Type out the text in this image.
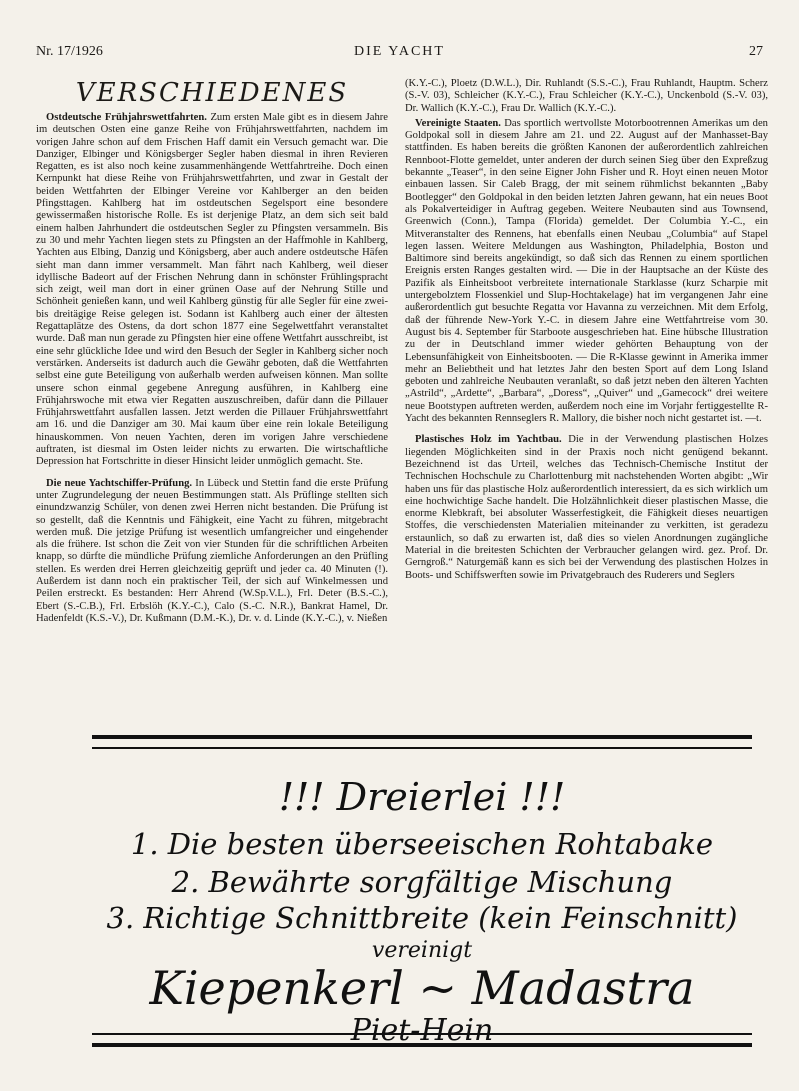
Nr. 17/1926	DIE YACHT	27
VERSCHIEDENES

Ostdeutsche Frühjahrswettfahrten. Zum ersten Male gibt es in diesem Jahre im deutschen Osten eine ganze Reihe von Frühjahrswettfahrten, nachdem im vorigen Jahre schon auf dem Frischen Haff damit ein Versuch gemacht war. Die Danziger, Elbinger und Königsberger Segler haben diesmal in ihren Revieren Regatten, es ist also noch keine zusammenhängende Wettfahrtreihe. Doch einen Kernpunkt hat diese Reihe von Frühjahrswettfahrten, und zwar in Gestalt der beiden Wettfahrten der Elbinger Vereine vor Kahlberger an den beiden Pfingsttagen. Kahlberg hat im ostdeutschen Segelsport eine besondere gewissermaßen historische Rolle. Es ist derjenige Platz, an dem sich seit bald einem halben Jahrhundert die ostdeutschen Segler zu Pfingsten versammeln. Bis zu 30 und mehr Yachten liegen stets zu Pfingsten an der Haffmohle in Kahlberg, Yachten aus Elbing, Danzig und Königsberg, aber auch andere ostdeutsche Häfen sieht man dann immer versammelt. Man fährt nach Kahlberg, weil dieser idyllische Badeort auf der Frischen Nehrung dann in schönster Frühlingspracht sich zeigt, weil man dort in einer grünen Oase auf der Nehrung Stille und Schönheit genießen kann, und weil Kahlberg günstig für alle Segler für eine zwei- bis dreitägige Reise gelegen ist. Sodann ist Kahlberg auch einer der ältesten Regattaplätze des Ostens, da dort schon 1877 eine Segelwettfahrt veranstaltet wurde. Daß man nun gerade zu Pfingsten hier eine offene Wettfahrt ausschreibt, ist eine sehr glückliche Idee und wird den Besuch der Segler in Kahlberg sicher noch verstärken. Anderseits ist dadurch auch die Gewähr geboten, daß die Wettfahrten selbst eine gute Beteiligung von außerhalb werden aufweisen können. Man sollte unsere schon einmal gegebene Anregung ausführen, in Kahlberg eine Frühjahrswoche mit etwa vier Regatten auszuschreiben, dafür dann die Pillauer Frühjahrswettfahrt ausfallen lassen. Jetzt werden die Pillauer Frühjahrswettfahrt am 16. und die Danziger am 30. Mai kaum über eine rein lokale Beteiligung hinauskommen. Von neuen Yachten, deren im vorigen Jahre verschiedene auftraten, ist diesmal im Osten leider nichts zu erwarten. Die wirtschaftliche Depression hat Fortschritte in dieser Hinsicht leider unmöglich gemacht. Ste.

Die neue Yachtschiffer-Prüfung. In Lübeck und Stettin fand die erste Prüfung unter Zugrundelegung der neuen Bestimmungen statt. Als Prüflinge stellten sich einundzwanzig Schüler, von denen zwei Herren nicht bestanden. Die Prüfung ist so gestellt, daß die Kenntnis und Fähigkeit, eine Yacht zu führen, mitgebracht werden muß. Die jetzige Prüfung ist wesentlich umfangreicher und eingehender als die frühere. Ist schon die Zeit von vier Stunden für die schriftlichen Arbeiten knapp, so dürfte die mündliche Prüfung ziemliche Anforderungen an den Prüfling stellen. Es werden drei Herren gleichzeitig geprüft und jeder ca. 40 Minuten (!). Außerdem ist dann noch ein praktischer Teil, der sich auf Winkelmessen und Peilen erstreckt. Es bestanden: Herr Ahrend (W.Sp.V.L.), Frl. Deter (B.S.-C.), Ebert (S.-C.B.), Frl. Erbslöh (K.Y.-C.), Calo (S.-C. N.R.), Bankrat Hamel, Dr. Hadenfeldt (K.S.-V.), Dr. Kußmann (D.M.-K.), Dr. v. d. Linde (K.Y.-C.), v. Nießen

(K.Y.-C.), Ploetz (D.W.L.), Dir. Ruhlandt (S.S.-C.), Frau Ruhlandt, Hauptm. Scherz (S.-V. 03), Schleicher (K.Y.-C.), Frau Schleicher (K.Y.-C.), Unckenbold (S.-V. 03), Dr. Wallich (K.Y.-C.), Frau Dr. Wallich (K.Y.-C.).

Vereinigte Staaten. Das sportlich wertvollste Motorbootrennen Amerikas um den Goldpokal soll in diesem Jahre am 21. und 22. August auf der Manhasset-Bay stattfinden. Es haben bereits die größten Kanonen der außerordentlich zahlreichen Rennboot-Flotte gemeldet, unter anderen der durch seinen Sieg über den Expreßzug bekannte „Teaser“, in den seine Eigner John Fisher und R. Hoyt einen neuen Motor einbauen lassen. Sir Caleb Bragg, der mit seinem rühmlichst bekannten „Baby Bootlegger“ den Goldpokal in den beiden letzten Jahren gewann, hat ein neues Boot als Pokalverteidiger in Auftrag gegeben. Weitere Neubauten sind aus Townsend, Greenwich (Conn.), Tampa (Florida) gemeldet. Der Columbia Y.-C., ein Mitveranstalter des Rennens, hat ebenfalls einen Neubau „Columbia“ auf Stapel legen lassen. Weitere Meldungen aus Washington, Philadelphia, Boston und Baltimore sind bereits angekündigt, so daß sich das Rennen zu einem sportlichen Ereignis ersten Ranges gestalten wird. — Die in der Hauptsache an der Küste des Pazifik als Einheitsboot verbreitete internationale Starklasse (kurz Scharpie mit untergebolztem Flossenkiel und Slup-Hochtakelage) hat im vergangenen Jahr eine außerordentlich gut besuchte Regatta vor Havanna zu verzeichnen. Mit dem Erfolg, daß der führende New-York Y.-C. in diesem Jahre eine Wettfahrtreise vom 30. August bis 4. September für Starboote ausgeschrieben hat. Eine hübsche Illustration zu der in Deutschland immer wieder gehörten Behauptung von der Lebensunfähigkeit von Einheitsbooten. — Die R-Klasse gewinnt in Amerika immer mehr an Beliebtheit und hat letztes Jahr den besten Sport auf dem Long Island geboten und zahlreiche Neubauten veranlaßt, so daß jetzt neben den älteren Yachten „Astrild“, „Ardette“, „Barbara“, „Doress“, „Quiver“ und „Gamecock“ drei weitere neue Bootstypen auftreten werden, außerdem noch eine im Vorjahr fertiggestellte R-Yacht des bekannten Rennseglers R. Mallory, die bisher noch nicht gestartet ist. —t.

Plastisches Holz im Yachtbau. Die in der Verwendung plastischen Holzes liegenden Möglichkeiten sind in der Praxis noch nicht genügend bekannt. Bezeichnend ist das Urteil, welches das Technisch-Chemische Institut der Technischen Hochschule zu Charlottenburg mit nachstehenden Worten abgibt: „Wir haben uns für das plastische Holz außerordentlich interessiert, da es sich wirklich um eine hochwichtige Sache handelt. Die Holzähnlichkeit dieser plastischen Masse, die enorme Klebkraft, bei absoluter Wasserfestigkeit, die Fähigkeit dieses neuartigen Stoffes, die verschiedensten Materialien miteinander zu verkitten, ist geradezu erstaunlich, so daß zu erwarten ist, daß dies so vielen Anordnungen zugängliche Material in die breitesten Schichten der Verbraucher gelangen wird. gez. Prof. Dr. Gerngroß.“ Naturgemäß kann es sich bei der Verwendung des plastischen Holzes in Boots- und Schiffswerften sowie im Privatgebrauch des Ruderers und Seglers

!!! Dreierlei !!!
1. Die besten überseeischen Rohtabake
2. Bewährte sorgfältige Mischung
3. Richtige Schnittbreite (kein Feinschnitt)
vereinigt
Kiepenkerl ~ Madastra
Piet-Hein
